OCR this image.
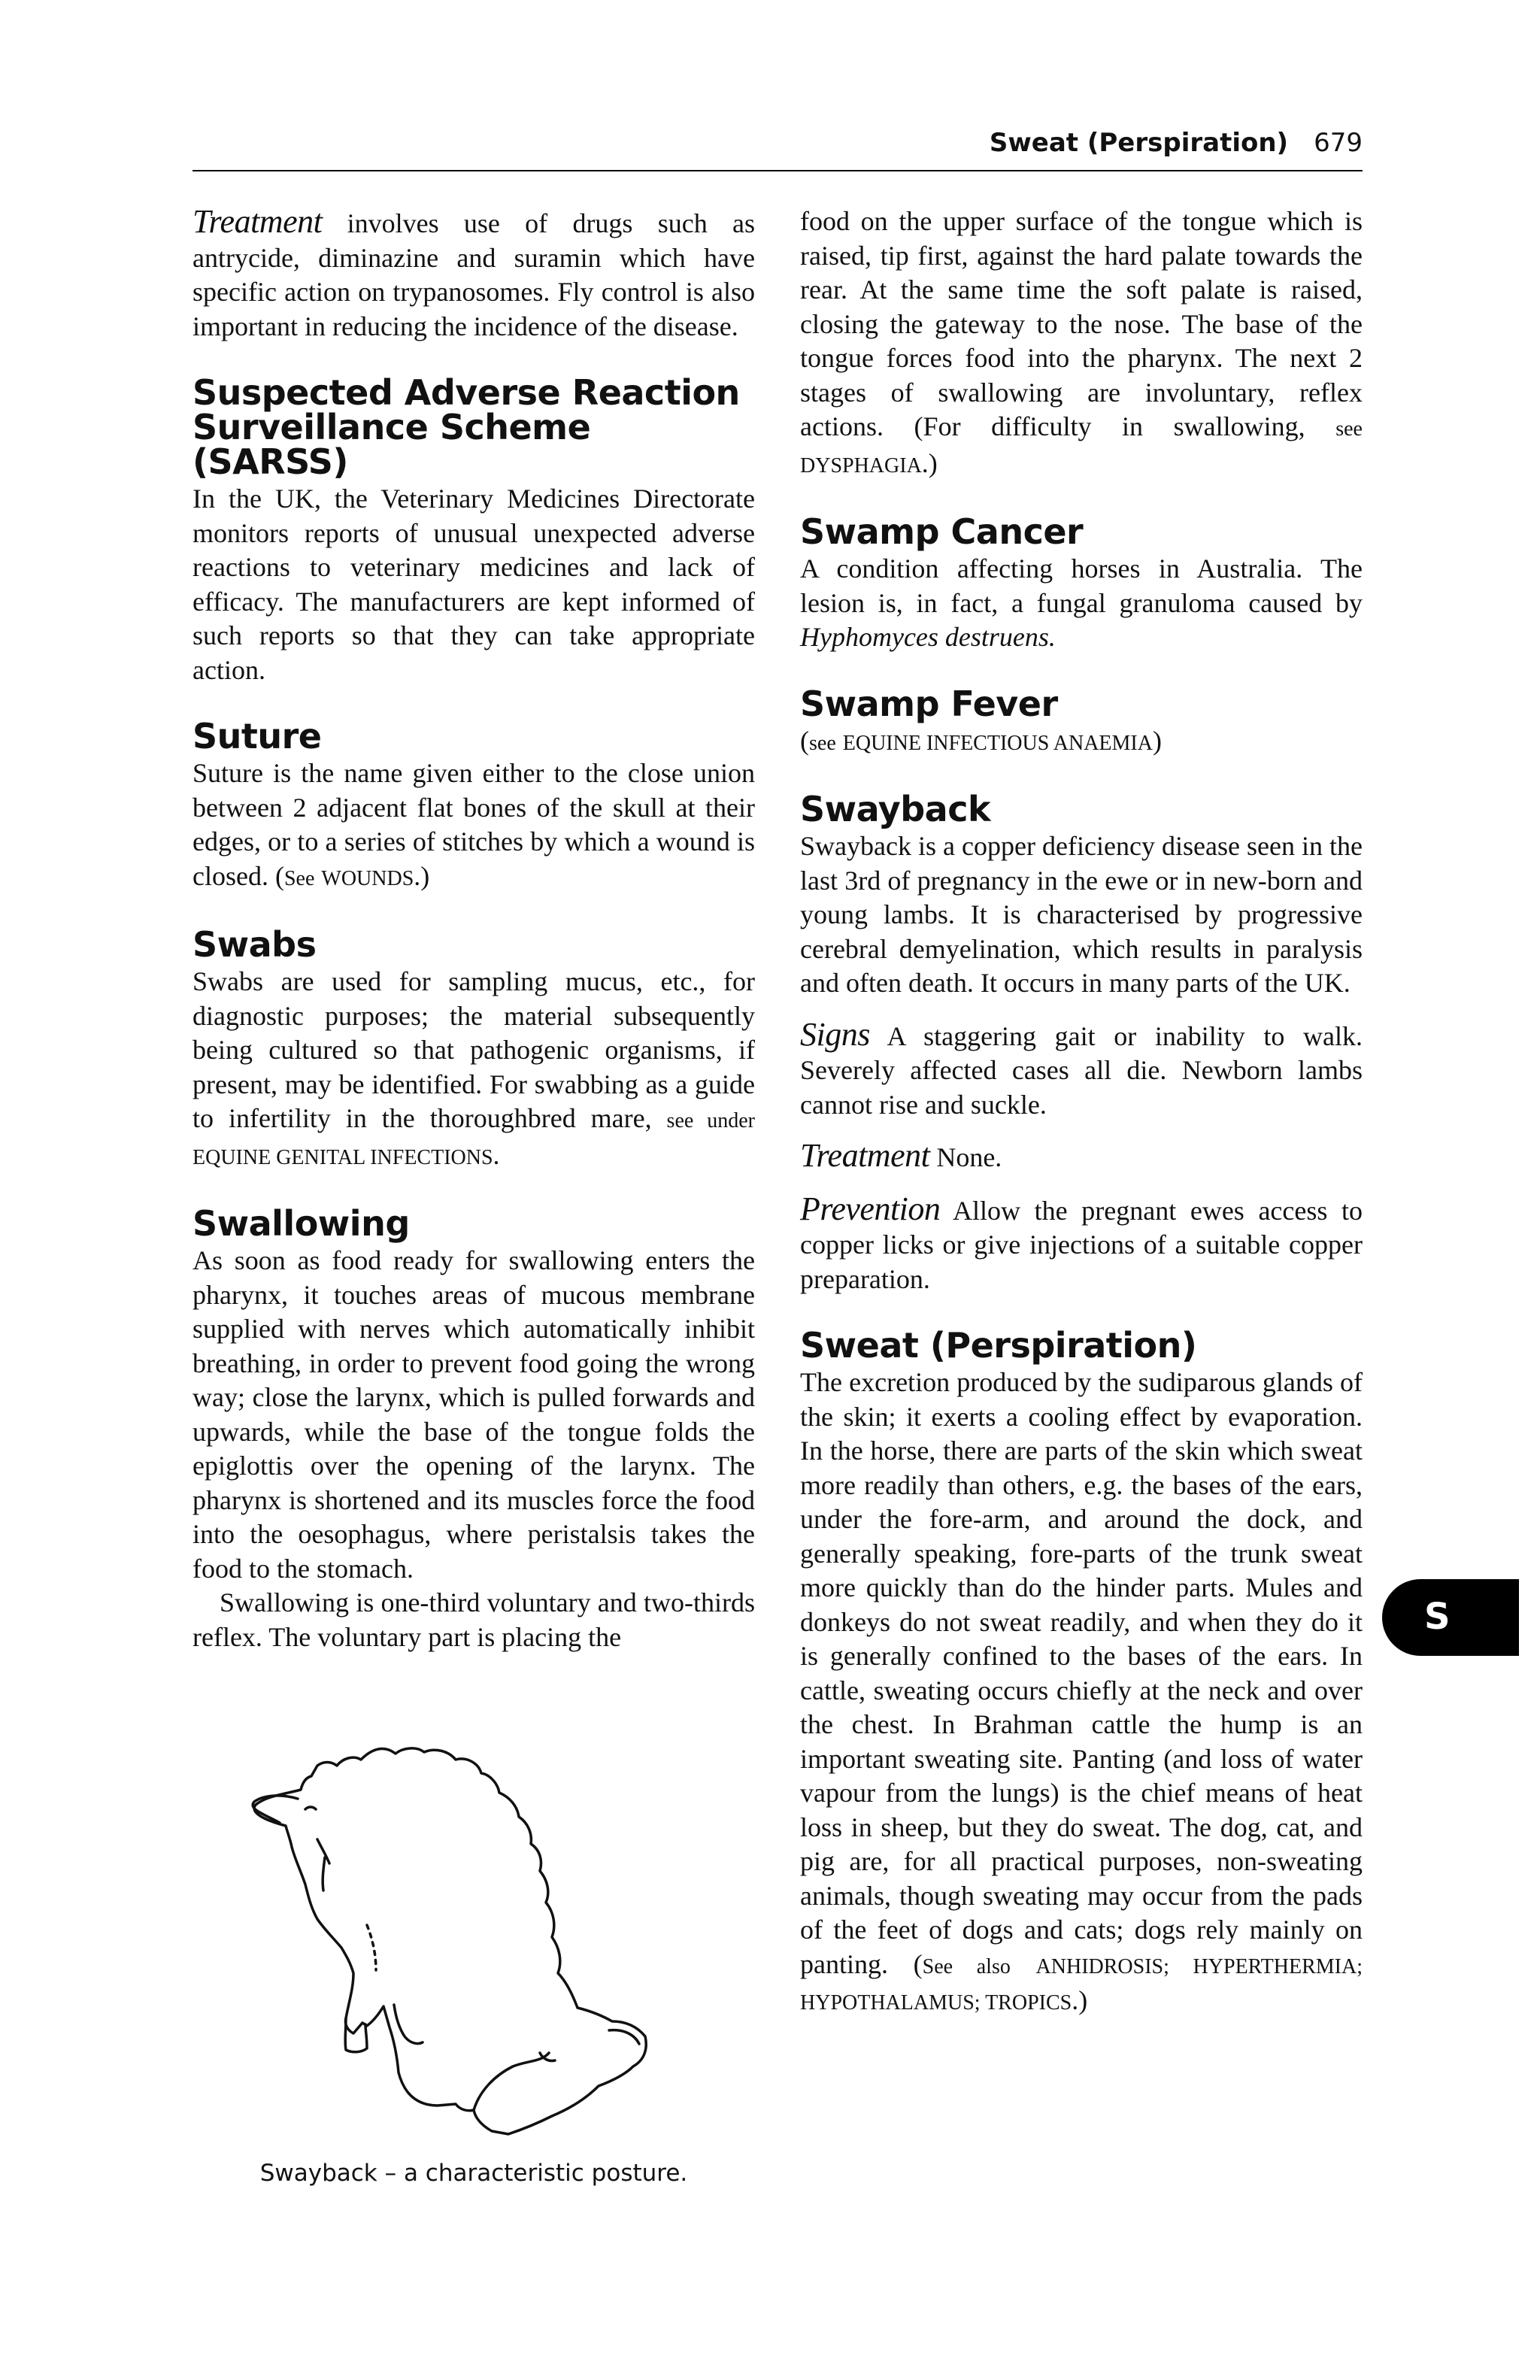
Sweat (Perspiration) 679

Treatment involves use of drugs such as antrycide, diminazine and suramin which have specific action on trypanosomes. Fly control is also important in reducing the incidence of the disease.

Suspected Adverse Reaction Surveillance Scheme (SARSS)

In the UK, the Veterinary Medicines Directorate monitors reports of unusual unexpected adverse reactions to veterinary medicines and lack of efficacy. The manufacturers are kept informed of such reports so that they can take appropriate action.

Suture

Suture is the name given either to the close union between 2 adjacent flat bones of the skull at their edges, or to a series of stitches by which a wound is closed. (See WOUNDS.)

Swabs

Swabs are used for sampling mucus, etc., for diagnostic purposes; the material subsequently being cultured so that pathogenic organisms, if present, may be identified. For swabbing as a guide to infertility in the thoroughbred mare, see under EQUINE GENITAL INFECTIONS.

Swallowing

As soon as food ready for swallowing enters the pharynx, it touches areas of mucous membrane supplied with nerves which automatically inhibit breathing, in order to prevent food going the wrong way; close the larynx, which is pulled forwards and upwards, while the base of the tongue folds the epiglottis over the opening of the larynx. The pharynx is shortened and its muscles force the food into the oesophagus, where peristalsis takes the food to the stomach.

Swallowing is one-third voluntary and two-thirds reflex. The voluntary part is placing the

Swayback – a characteristic posture.

food on the upper surface of the tongue which is raised, tip first, against the hard palate towards the rear. At the same time the soft palate is raised, closing the gateway to the nose. The base of the tongue forces food into the pharynx. The next 2 stages of swallowing are involuntary, reflex actions. (For difficulty in swallowing, see DYSPHAGIA.)

Swamp Cancer

A condition affecting horses in Australia. The lesion is, in fact, a fungal granuloma caused by Hyphomyces destruens.

Swamp Fever

(see EQUINE INFECTIOUS ANAEMIA)

Swayback

Swayback is a copper deficiency disease seen in the last 3rd of pregnancy in the ewe or in new-born and young lambs. It is characterised by progressive cerebral demyelination, which results in paralysis and often death. It occurs in many parts of the UK.

Signs A staggering gait or inability to walk. Severely affected cases all die. Newborn lambs cannot rise and suckle.

Treatment None.

Prevention Allow the pregnant ewes access to copper licks or give injections of a suitable copper preparation.

Sweat (Perspiration)

The excretion produced by the sudiparous glands of the skin; it exerts a cooling effect by evaporation. In the horse, there are parts of the skin which sweat more readily than others, e.g. the bases of the ears, under the fore-arm, and around the dock, and generally speaking, fore-parts of the trunk sweat more quickly than do the hinder parts. Mules and donkeys do not sweat readily, and when they do it is generally confined to the bases of the ears. In cattle, sweating occurs chiefly at the neck and over the chest. In Brahman cattle the hump is an important sweating site. Panting (and loss of water vapour from the lungs) is the chief means of heat loss in sheep, but they do sweat. The dog, cat, and pig are, for all practical purposes, non-sweating animals, though sweating may occur from the pads of the feet of dogs and cats; dogs rely mainly on panting. (See also ANHIDROSIS; HYPERTHERMIA; HYPOTHALAMUS; TROPICS.)

S
